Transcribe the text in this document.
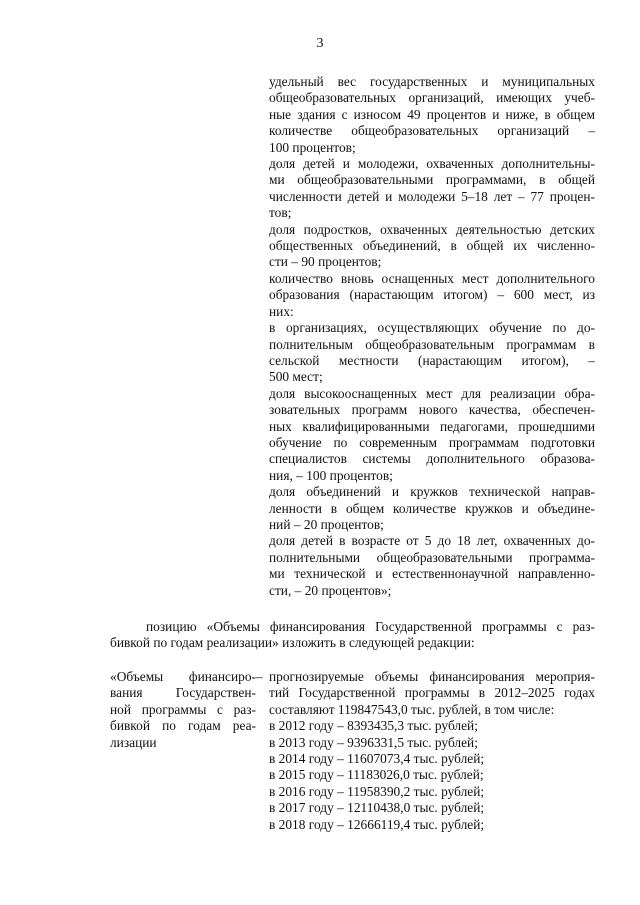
3

удельный вес государственных и муниципальных
общеобразовательных организаций, имеющих учеб-
ные здания с износом 49 процентов и ниже, в общем
количестве общеобразовательных организаций –
100 процентов;

доля детей и молодежи, охваченных дополнительны-
ми общеобразовательными программами, в общей
численности детей и молодежи 5–18 лет – 77 процен-
тов;

доля подростков, охваченных деятельностью детских
общественных объединений, в общей их численно-
сти – 90 процентов;

количество вновь оснащенных мест дополнительного
образования (нарастающим итогом) – 600 мест, из
них:

в организациях, осуществляющих обучение по до-
полнительным общеобразовательным программам в
сельской местности (нарастающим итогом), –
500 мест;

доля высокооснащенных мест для реализации обра-
зовательных программ нового качества, обеспечен-
ных квалифицированными педагогами, прошедшими
обучение по современным программам подготовки
специалистов системы дополнительного образова-
ния, – 100 процентов;

доля объединений и кружков технической направ-
ленности в общем количестве кружков и объедине-
ний – 20 процентов;

доля детей в возрасте от 5 до 18 лет, охваченных до-
полнительными общеобразовательными программа-
ми технической и естественнонаучной направленно-
сти, – 20 процентов»;

позицию «Объемы финансирования Государственной программы с раз-
бивкой по годам реализации» изложить в следующей редакции:
«Объемы финансиро-
вания Государствен-
ной программы с раз-
бивкой по годам реа-
лизации
– прогнозируемые объемы финансирования мероприя-
тий Государственной программы в 2012–2025 годах
составляют 119847543,0 тыс. рублей, в том числе:
в 2012 году – 8393435,3 тыс. рублей;
в 2013 году – 9396331,5 тыс. рублей;
в 2014 году – 11607073,4 тыс. рублей;
в 2015 году – 11183026,0 тыс. рублей;
в 2016 году – 11958390,2 тыс. рублей;
в 2017 году – 12110438,0 тыс. рублей;
в 2018 году – 12666119,4 тыс. рублей;
